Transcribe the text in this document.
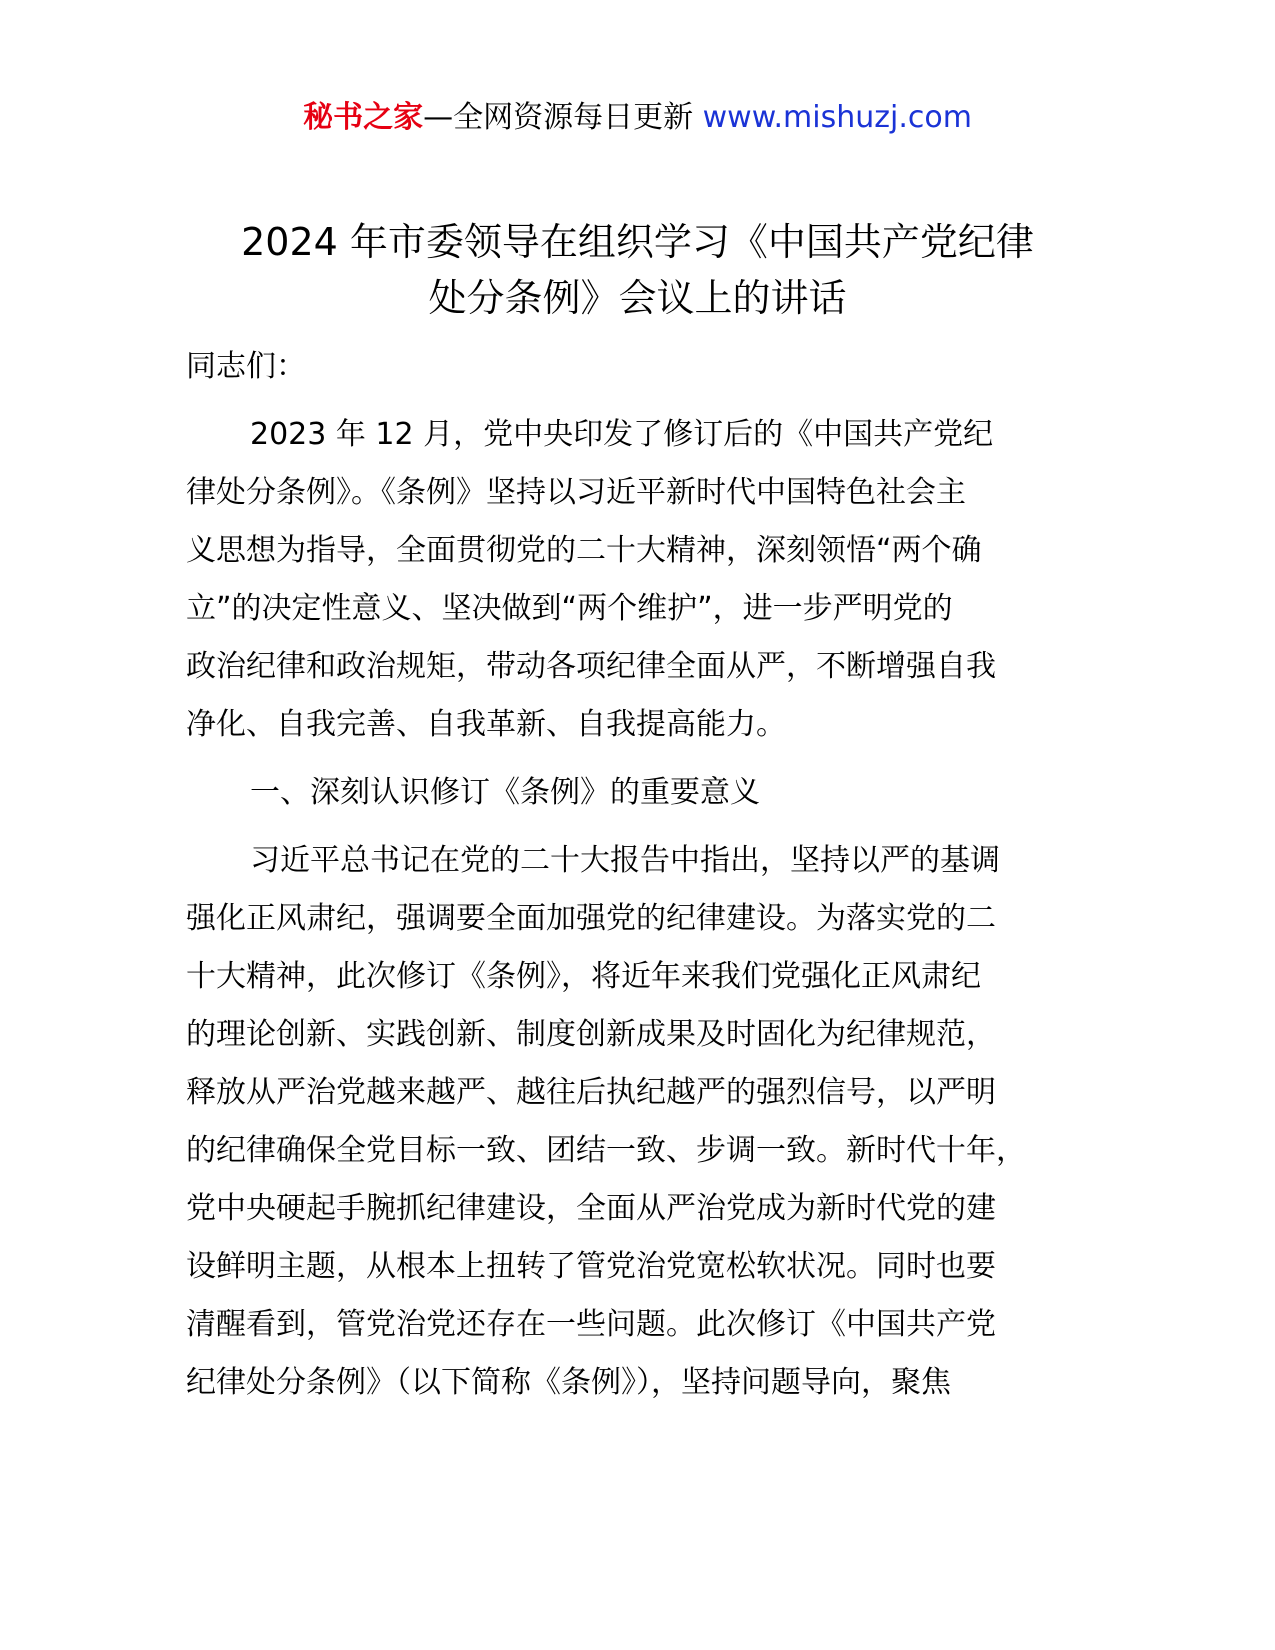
秘书之家—全网资源每日更新 www.mishuzj.com
2024 年市委领导在组织学习《中国共产党纪律
处分条例》会议上的讲话

同志们：

2023 年 12 月，党中央印发了修订后的《中国共产党纪
律处分条例》。《条例》坚持以习近平新时代中国特色社会主
义思想为指导，全面贯彻党的二十大精神，深刻领悟“两个确
立”的决定性意义、坚决做到“两个维护”，进一步严明党的
政治纪律和政治规矩，带动各项纪律全面从严，不断增强自我
净化、自我完善、自我革新、自我提高能力。

一、深刻认识修订《条例》的重要意义

习近平总书记在党的二十大报告中指出，坚持以严的基调
强化正风肃纪，强调要全面加强党的纪律建设。为落实党的二
十大精神，此次修订《条例》，将近年来我们党强化正风肃纪
的理论创新、实践创新、制度创新成果及时固化为纪律规范，
释放从严治党越来越严、越往后执纪越严的强烈信号，以严明
的纪律确保全党目标一致、团结一致、步调一致。新时代十年，
党中央硬起手腕抓纪律建设，全面从严治党成为新时代党的建
设鲜明主题，从根本上扭转了管党治党宽松软状况。同时也要
清醒看到，管党治党还存在一些问题。此次修订《中国共产党
纪律处分条例》（以下简称《条例》），坚持问题导向，聚焦
